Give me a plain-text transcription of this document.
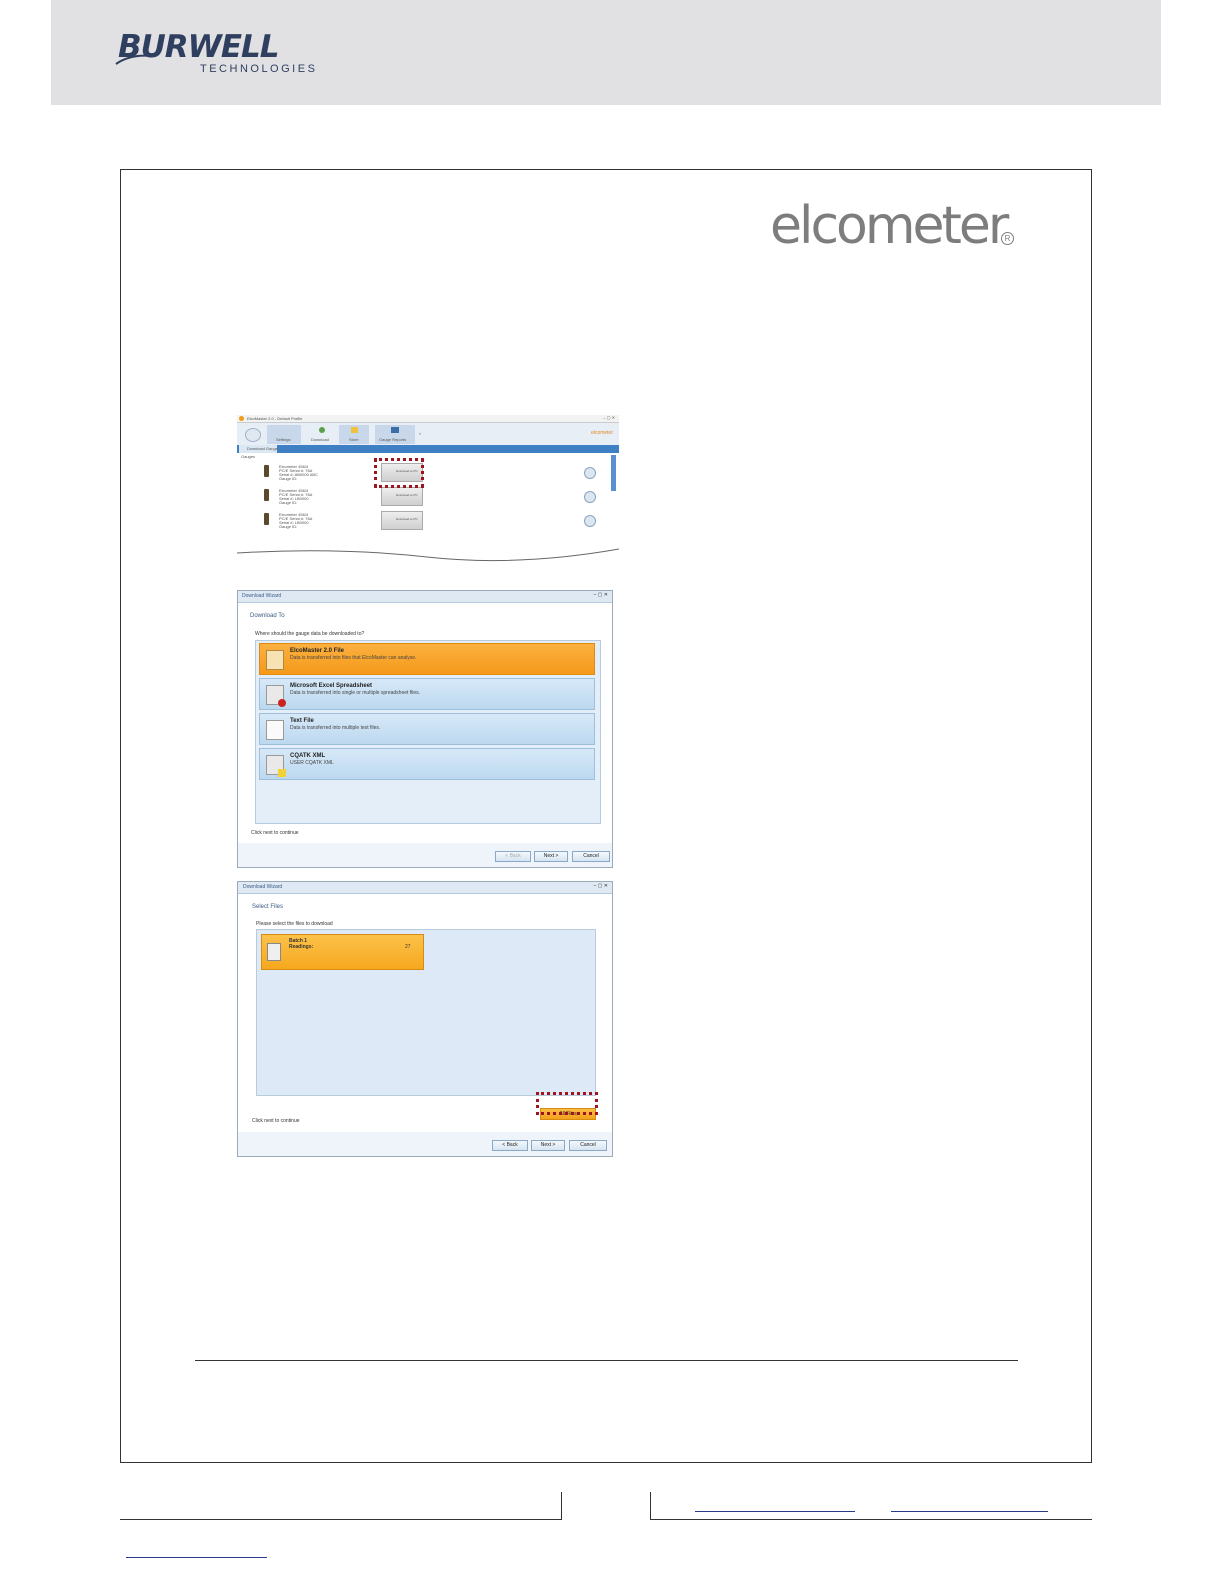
BURWELL
TECHNOLOGIES
elcometer
R
ElcoMaster 2.0 - Default Profile	– ▢ ✕
Settings	Download	Store	Gauge Reports
»	elcometer
Download Gauge
Gauges
Elcometer 456/4
PC/E Serial #: 76A
Serial #: AB0000 ABC
Gauge ID:
Download to PC
Elcometer 456/4
PC/E Serial #: 76A
Serial #: LB0000
Gauge ID:
Download to PC
Elcometer 456/4
PC/E Serial #: 76A
Serial #: LB0000
Gauge ID:
Download to PC
Download Wizard	– ▢ ✕
Download To
Where should the gauge data be downloaded to?
ElcoMaster 2.0 File
Data is transferred into files that ElcoMaster can analyse.
Microsoft Excel Spreadsheet
Data is transferred into single or multiple spreadsheet files.
Text File
Data is transferred into multiple text files.
CQATK XML
USER CQATK XML
Click next to continue
< Back	Next >	Cancel
Download Wizard	– ▢ ✕
Select Files
Please select the files to download
Batch 1
Readings:	27
All Files
Click next to continue
< Back	Next >	Cancel
